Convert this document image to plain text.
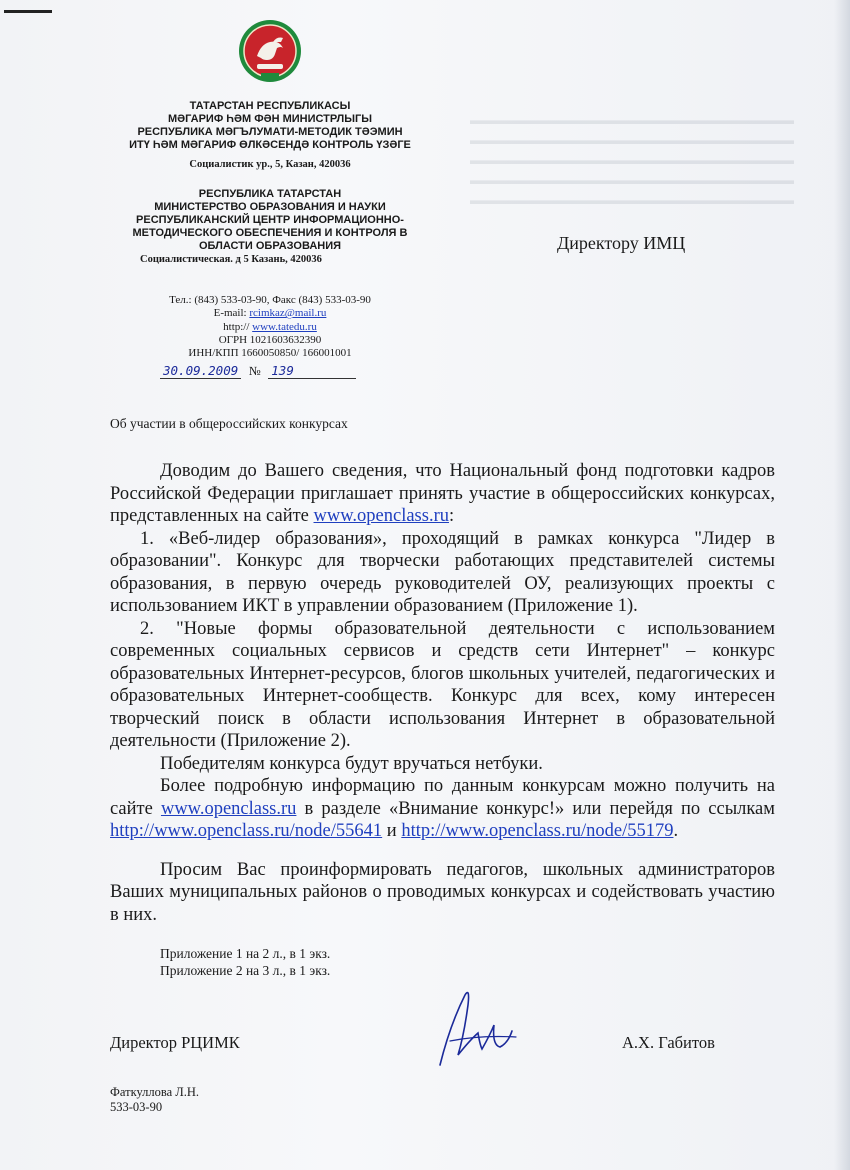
▬▬▬▬▬▬▬▬▬▬▬▬▬▬▬▬▬▬▬▬▬▬▬▬▬▬▬
▬▬▬▬▬▬▬▬▬▬▬▬▬▬▬▬▬▬▬▬▬▬▬▬▬▬▬
▬▬▬▬▬▬▬▬▬▬▬▬▬▬▬▬▬▬▬▬▬▬▬▬▬▬▬
▬▬▬▬▬▬▬▬▬▬▬▬▬▬▬▬▬▬▬▬▬▬▬▬▬▬▬
▬▬▬▬▬▬▬▬▬▬▬▬▬▬▬▬▬▬▬▬▬▬▬▬▬▬▬
ТАТАРСТАН РЕСПУБЛИКАСЫ
МӘГАРИФ ҺӘМ ФӘН МИНИСТРЛЫГЫ
РЕСПУБЛИКА МӘГЪЛУМАТИ-МЕТОДИК ТӘЭМИН
ИТҮ ҺӘМ МӘГАРИФ ӨЛКӘСЕНДӘ КОНТРОЛЬ ҮЗӘГЕ
Социалистик ур., 5, Казан, 420036
РЕСПУБЛИКА ТАТАРСТАН
МИНИСТЕРСТВО ОБРАЗОВАНИЯ И НАУКИ
РЕСПУБЛИКАНСКИЙ ЦЕНТР ИНФОРМАЦИОННО-
МЕТОДИЧЕСКОГО ОБЕСПЕЧЕНИЯ И КОНТРОЛЯ В
ОБЛАСТИ ОБРАЗОВАНИЯ
Социалистическая. д 5 Казань, 420036
Директору ИМЦ
Тел.: (843) 533-03-90, Факс (843) 533-03-90
E-mail: rcimkaz@mail.ru
http:// www.tatedu.ru
ОГРН 1021603632390
ИНН/КПП 1660050850/ 166001001
30.09.2009 № 139
Об участии в общероссийских конкурсах

Доводим до Вашего сведения, что Национальный фонд подготовки кадров Российской Федерации приглашает принять участие в общероссийских конкурсах, представленных на сайте www.openclass.ru:

1. «Веб-лидер образования», проходящий в рамках конкурса "Лидер в образовании". Конкурс для творчески работающих представителей системы образования, в первую очередь руководителей ОУ, реализующих проекты с использованием ИКТ в управлении образованием (Приложение 1).

2. "Новые формы образовательной деятельности с использованием современных социальных сервисов и средств сети Интернет" – конкурс образовательных Интернет-ресурсов, блогов школьных учителей, педагогических и образовательных Интернет-сообществ. Конкурс для всех, кому интересен творческий поиск в области использования Интернет в образовательной деятельности (Приложение 2).

Победителям конкурса будут вручаться нетбуки.

Более подробную информацию по данным конкурсам можно получить на сайте www.openclass.ru в разделе «Внимание конкурс!» или перейдя по ссылкам http://www.openclass.ru/node/55641 и http://www.openclass.ru/node/55179.

Просим Вас проинформировать педагогов, школьных администраторов Ваших муниципальных районов о проводимых конкурсах и содействовать участию в них.

Приложение 1 на 2 л., в 1 экз.
Приложение 2 на 3 л., в 1 экз.
Директор РЦИМК	А.Х. Габитов
Фаткуллова Л.Н.
533-03-90
